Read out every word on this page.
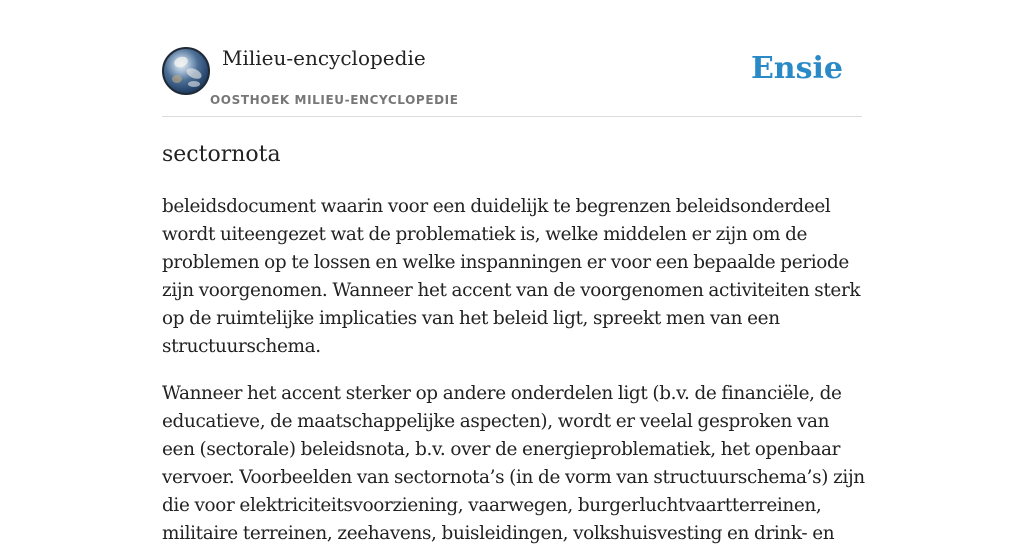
Milieu-encyclopedie
OOSTHOEK MILIEU-ENCYCLOPEDIE
Ensie
sectornota

beleidsdocument waarin voor een duidelijk te begrenzen beleidsonderdeel wordt uiteengezet wat de problematiek is, welke middelen er zijn om de problemen op te lossen en welke inspanningen er voor een bepaalde periode zijn voorgenomen. Wanneer het accent van de voorgenomen activiteiten sterk op de ruimtelijke implicaties van het beleid ligt, spreekt men van een structuurschema.

Wanneer het accent sterker op andere onderdelen ligt (b.v. de financiële, de educatieve, de maatschappelijke aspecten), wordt er veelal gesproken van een (sectorale) beleidsnota, b.v. over de energieproblematiek, het openbaar vervoer. Voorbeelden van sectornota’s (in de vorm van structuurschema’s) zijn die voor elektriciteitsvoorziening, vaarwegen, burgerluchtvaartterreinen, militaire terreinen, zeehavens, buisleidingen, volkshuisvesting en drink- en
